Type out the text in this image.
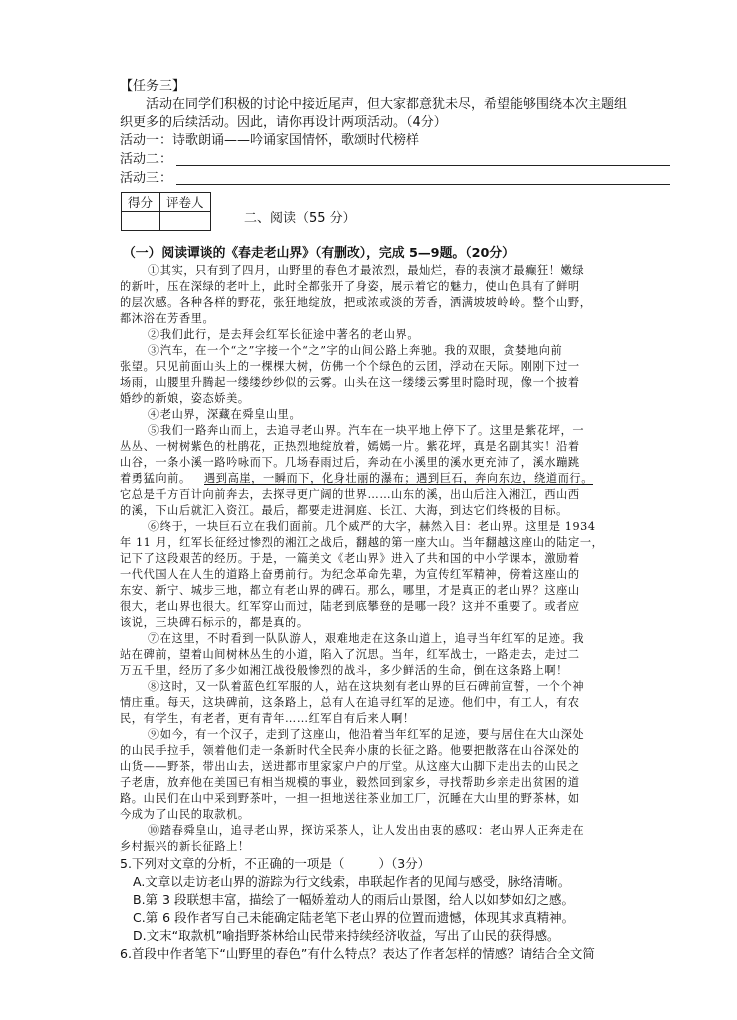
【任务三】
活动在同学们积极的讨论中接近尾声，但大家都意犹未尽，希望能够围绕本次主题组
织更多的后续活动。因此，请你再设计两项活动。（4分）
活动一：诗歌朗诵——吟诵家国情怀，歌颂时代榜样
活动二：
活动三：
得分	评卷人

二、阅读（55 分）
（一）阅读谭谈的《春走老山界》（有删改），完成 5—9题。（20分）
①其实，只有到了四月，山野里的春色才最浓烈，最灿烂，春的表演才最癫狂！嫩绿
的新叶，压在深绿的老叶上，此时全都张开了身姿，展示着它的魅力，使山色具有了鲜明
的层次感。各种各样的野花，张狂地绽放，把或浓或淡的芳香，洒满坡坡岭岭。整个山野，
都沐浴在芳香里。
②我们此行，是去拜会红军长征途中著名的老山界。
③汽车，在一个“之”字接一个“之”字的山间公路上奔驰。我的双眼，贪婪地向前
张望。只见前面山头上的一棵棵大树，仿佛一个个绿色的云团，浮动在天际。刚刚下过一
场雨，山腰里升腾起一缕缕纱纱似的云雾。山头在这一缕缕云雾里时隐时现，像一个披着
婚纱的新娘，姿态娇美。
④老山界，深藏在舜皇山里。
⑤我们一路奔山而上，去追寻老山界。汽车在一块平地上停下了。这里是紫花坪，一
丛丛、一树树紫色的杜鹃花，正热烈地绽放着，嫣嫣一片。紫花坪，真是名副其实！沿着
山谷，一条小溪一路吟咏而下。几场春雨过后，奔动在小溪里的溪水更充沛了，溪水蹦跳
着勇猛向前。 遇到高崖，一瞬而下，化身壮丽的瀑布；遇到巨石，奔向东边，绕道而行。
它总是千方百计向前奔去，去探寻更广阔的世界……山东的溪，出山后注入湘江，西山西
的溪，下山后就汇入资江。最后，都要走进洞庭、长江、大海，到达它们终极的目标。
⑥终于，一块巨石立在我们面前。几个威严的大字，赫然入目：老山界。这里是 1934
年 11 月，红军长征经过惨烈的湘江之战后，翻越的第一座大山。当年翻越这座山的陆定一，
记下了这段艰苦的经历。于是，一篇美文《老山界》进入了共和国的中小学课本，激励着
一代代国人在人生的道路上奋勇前行。为纪念革命先辈，为宣传红军精神，傍着这座山的
东安、新宁、城步三地，都立有老山界的碑石。那么，哪里，才是真正的老山界？这座山
很大，老山界也很大。红军穿山而过，陆老到底攀登的是哪一段？这并不重要了。或者应
该说，三块碑石标示的，都是真的。
⑦在这里，不时看到一队队游人，艰难地走在这条山道上，追寻当年红军的足迹。我
站在碑前，望着山间树林丛生的小道，陷入了沉思。当年，红军战士，一路走去，走过二
万五千里，经历了多少如湘江战役般惨烈的战斗，多少鲜活的生命，倒在这条路上啊！
⑧这时，又一队着蓝色红军服的人，站在这块刻有老山界的巨石碑前宣誓，一个个神
情庄重。每天，这块碑前，这条路上，总有人在追寻红军的足迹。他们中，有工人，有农
民，有学生，有老者，更有青年……红军自有后来人啊！
⑨如今，有一个汉子，走到了这座山，他沿着当年红军的足迹，要与居住在大山深处
的山民手拉手，领着他们走一条新时代全民奔小康的长征之路。他要把散落在山谷深处的
山货——野茶，带出山去，送进都市里家家户户的厅堂。从这座大山脚下走出去的山民之
子老唐，放弃他在美国已有相当规模的事业，毅然回到家乡，寻找帮助乡亲走出贫困的道
路。山民们在山中采到野茶叶，一担一担地送往茶业加工厂，沉睡在大山里的野茶林，如
今成为了山民的取款机。
⑩踏春舜皇山，追寻老山界，探访采茶人，让人发出由衷的感叹：老山界人正奔走在
乡村振兴的新长征路上！
5.下列对文章的分析，不正确的一项是（	）（3分）
A.文章以走访老山界的游踪为行文线索，串联起作者的见闻与感受，脉络清晰。
B.第 3 段联想丰富，描绘了一幅娇羞动人的雨后山景图，给人以如梦如幻之感。
C.第 6 段作者写自己未能确定陆老笔下老山界的位置而遗憾，体现其求真精神。
D.文末“取款机”喻指野茶林给山民带来持续经济收益，写出了山民的获得感。
6.首段中作者笔下“山野里的春色”有什么特点？表达了作者怎样的情感？请结合全文简
